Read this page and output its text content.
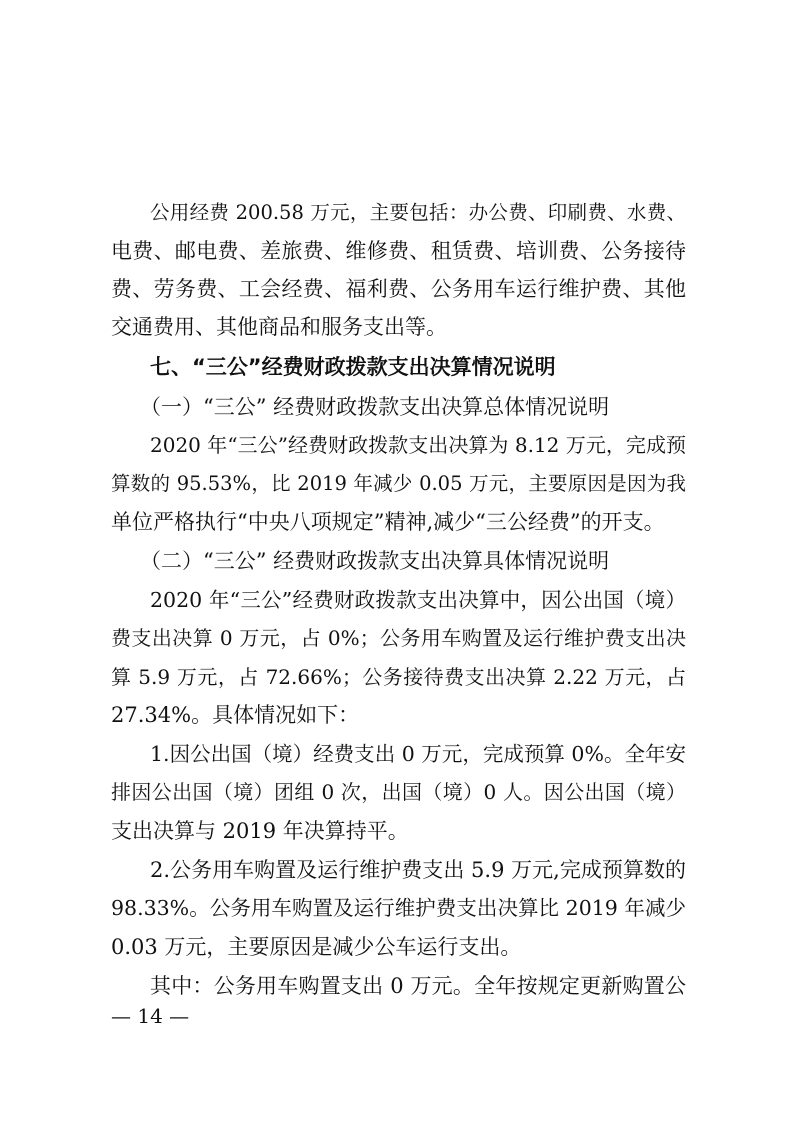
公用经费 200.58 万元，主要包括：办公费、印刷费、水费、
电费、邮电费、差旅费、维修费、租赁费、培训费、公务接待
费、劳务费、工会经费、福利费、公务用车运行维护费、其他
交通费用、其他商品和服务支出等。
七、“三公”经费财政拨款支出决算情况说明
（一）“三公” 经费财政拨款支出决算总体情况说明
2020 年“三公”经费财政拨款支出决算为 8.12 万元，完成预
算数的 95.53%，比 2019 年减少 0.05 万元，主要原因是因为我
单位严格执行“中央八项规定”精神,减少“三公经费”的开支。
（二）“三公” 经费财政拨款支出决算具体情况说明
2020 年“三公”经费财政拨款支出决算中，因公出国（境）
费支出决算 0 万元，占 0%；公务用车购置及运行维护费支出决
算 5.9 万元，占 72.66%；公务接待费支出决算 2.22 万元，占
27.34%。具体情况如下：
1.因公出国（境）经费支出 0 万元，完成预算 0%。全年安
排因公出国（境）团组 0 次，出国（境）0 人。因公出国（境）
支出决算与 2019 年决算持平。
2.公务用车购置及运行维护费支出 5.9 万元,完成预算数的
98.33%。公务用车购置及运行维护费支出决算比 2019 年减少
0.03 万元，主要原因是减少公车运行支出。
其中：公务用车购置支出 0 万元。全年按规定更新购置公
— 14 —
